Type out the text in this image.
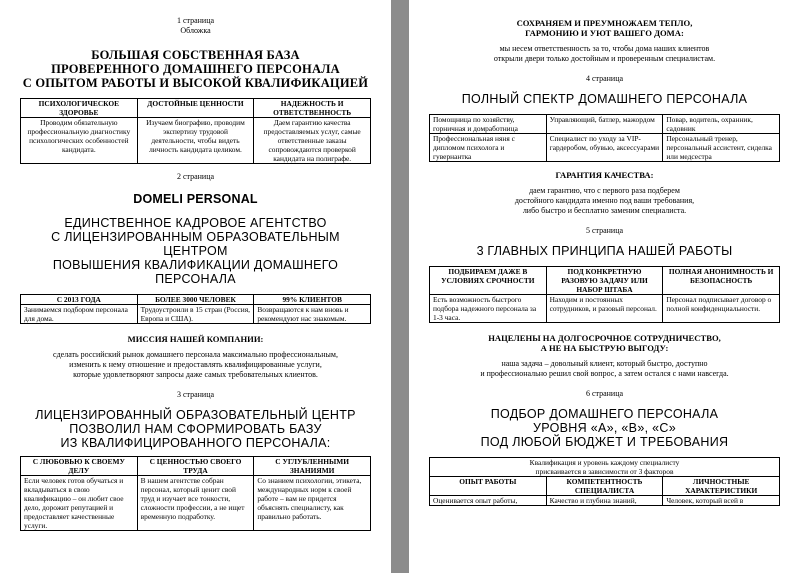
1 страница
Обложка
БОЛЬШАЯ СОБСТВЕННАЯ БАЗА
ПРОВЕРЕННОГО ДОМАШНЕГО ПЕРСОНАЛА
С ОПЫТОМ РАБОТЫ И ВЫСОКОЙ КВАЛИФИКАЦИЕЙ
ПСИХОЛОГИЧЕСКОЕ ЗДОРОВЬЕ	ДОСТОЙНЫЕ ЦЕННОСТИ	НАДЕЖНОСТЬ И ОТВЕТСТВЕННОСТЬ
Проводим обязательную профессиональную диагностику психологических особенностей кандидата.	Изучаем биографию, проводим экспертизу трудовой деятельности, чтобы видеть личность кандидата целиком.	Даем гарантию качества предоставляемых услуг, самые ответственные заказы сопровождаются проверкой кандидата на полиграфе.
2 страница
DOMELI PERSONAL
ЕДИНСТВЕННОЕ КАДРОВОЕ АГЕНТСТВО
С ЛИЦЕНЗИРОВАННЫМ ОБРАЗОВАТЕЛЬНЫМ ЦЕНТРОМ
ПОВЫШЕНИЯ КВАЛИФИКАЦИИ ДОМАШНЕГО ПЕРСОНАЛА
С 2013 ГОДА	БОЛЕЕ 3000 ЧЕЛОВЕК	99% КЛИЕНТОВ
Занимаемся подбором персонала для дома.	Трудоустроили в 15 стран (Россия, Европа и США).	Возвращаются к нам вновь и рекомендуют нас знакомым.
МИССИЯ НАШЕЙ КОМПАНИИ:
сделать российский рынок домашнего персонала максимально профессиональным,
изменить к нему отношение и предоставлять квалифицированные услуги,
которые удовлетворяют запросы даже самых требовательных клиентов.
3 страница
ЛИЦЕНЗИРОВАННЫЙ ОБРАЗОВАТЕЛЬНЫЙ ЦЕНТР
ПОЗВОЛИЛ НАМ СФОРМИРОВАТЬ БАЗУ
ИЗ КВАЛИФИЦИРОВАННОГО ПЕРСОНАЛА:
С ЛЮБОВЬЮ К СВОЕМУ ДЕЛУ	С ЦЕННОСТЬЮ СВОЕГО ТРУДА	С УГЛУБЛЕННЫМИ ЗНАНИЯМИ
Если человек готов обучаться и вкладываться в свою квалификацию – он любит свое дело, дорожит репутацией и предоставляет качественные услуги.	В нашем агентстве собран персонал, который ценит свой труд и изучает все тонкости, сложности профессии, а не ищет временную подработку.	Со знанием психологии, этикета, международных норм к своей работе – вам не придется объяснять специалисту, как правильно работать.
СОХРАНЯЕМ И ПРЕУМНОЖАЕМ ТЕПЛО,
ГАРМОНИЮ И УЮТ ВАШЕГО ДОМА:
мы несем ответственность за то, чтобы дома наших клиентов
открыли двери только достойным и проверенным специалистам.
4 страница
ПОЛНЫЙ СПЕКТР ДОМАШНЕГО ПЕРСОНАЛА
Помощница по хозяйству, горничная и домработница	Управляющий, батлер, мажордом	Повар, водитель, охранник, садовник
Профессиональная няня с дипломом психолога и гувернантка	Специалист по уходу за VIP-гардеробом, обувью, аксессуарами	Персональный тренер, персональный ассистент, сиделка или медсестра
ГАРАНТИЯ КАЧЕСТВА:
даем гарантию, что с первого раза подберем
достойного кандидата именно под ваши требования,
либо быстро и бесплатно заменим специалиста.
5 страница
3 ГЛАВНЫХ ПРИНЦИПА НАШЕЙ РАБОТЫ
ПОДБИРАЕМ ДАЖЕ В УСЛОВИЯХ СРОЧНОСТИ	ПОД КОНКРЕТНУЮ РАЗОВУЮ ЗАДАЧУ ИЛИ НАБОР ШТАБА	ПОЛНАЯ АНОНИМНОСТЬ И БЕЗОПАСНОСТЬ
Есть возможность быстрого подбора надежного персонала за 1-3 часа.	Находим и постоянных сотрудников, и разовый персонал.	Персонал подписывает договор о полной конфиденциальности.
НАЦЕЛЕНЫ НА ДОЛГОСРОЧНОЕ СОТРУДНИЧЕСТВО,
А НЕ НА БЫСТРУЮ ВЫГОДУ:
наша задача – довольный клиент, который быстро, доступно
и профессионально решил свой вопрос, а затем остался с нами навсегда.
6 страница
ПОДБОР ДОМАШНЕГО ПЕРСОНАЛА
УРОВНЯ «А», «В», «С»
ПОД ЛЮБОЙ БЮДЖЕТ И ТРЕБОВАНИЯ
Квалификация и уровень каждому специалисту
присваивается в зависимости от 3 факторов		

ОПЫТ РАБОТЫ	КОМПЕТЕНТНОСТЬ СПЕЦИАЛИСТА	ЛИЧНОСТНЫЕ ХАРАКТЕРИСТИКИ
Оценивается опыт работы,	Качество и глубина знаний,	Человек, который всей в
